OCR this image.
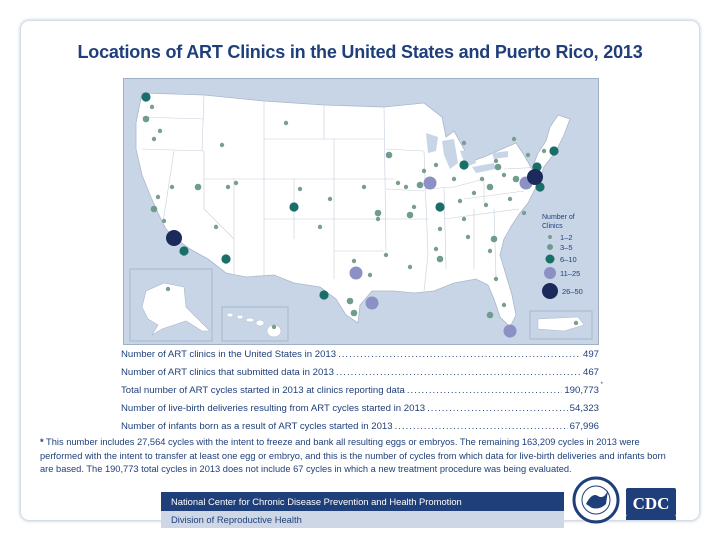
Locations of ART Clinics in the United States and Puerto Rico, 2013
Number of
Clinics
1–2
3–5
6–10
11–25
26–50
Number of ART clinics in the United States in 2013 .....	497
Number of ART clinics that submitted data in 2013 .....	467
Total number of ART cycles started in 2013 at clinics reporting data .....	190,773 *
Number of live-birth deliveries resulting from ART cycles started in 2013 .....	54,323
Number of infants born as a result of ART cycles started in 2013 .....	67,996
* This number includes 27,564 cycles with the intent to freeze and bank all resulting eggs or embryos. The remaining 163,209 cycles in 2013 were performed with the intent to transfer at least one egg or embryo, and this is the number of cycles from which data for live-birth deliveries and infants born are based. The 190,773 total cycles in 2013 does not include 67 cycles in which a new treatment procedure was being evaluated.
National Center for Chronic Disease Prevention and Health Promotion
Division of Reproductive Health
CDC
